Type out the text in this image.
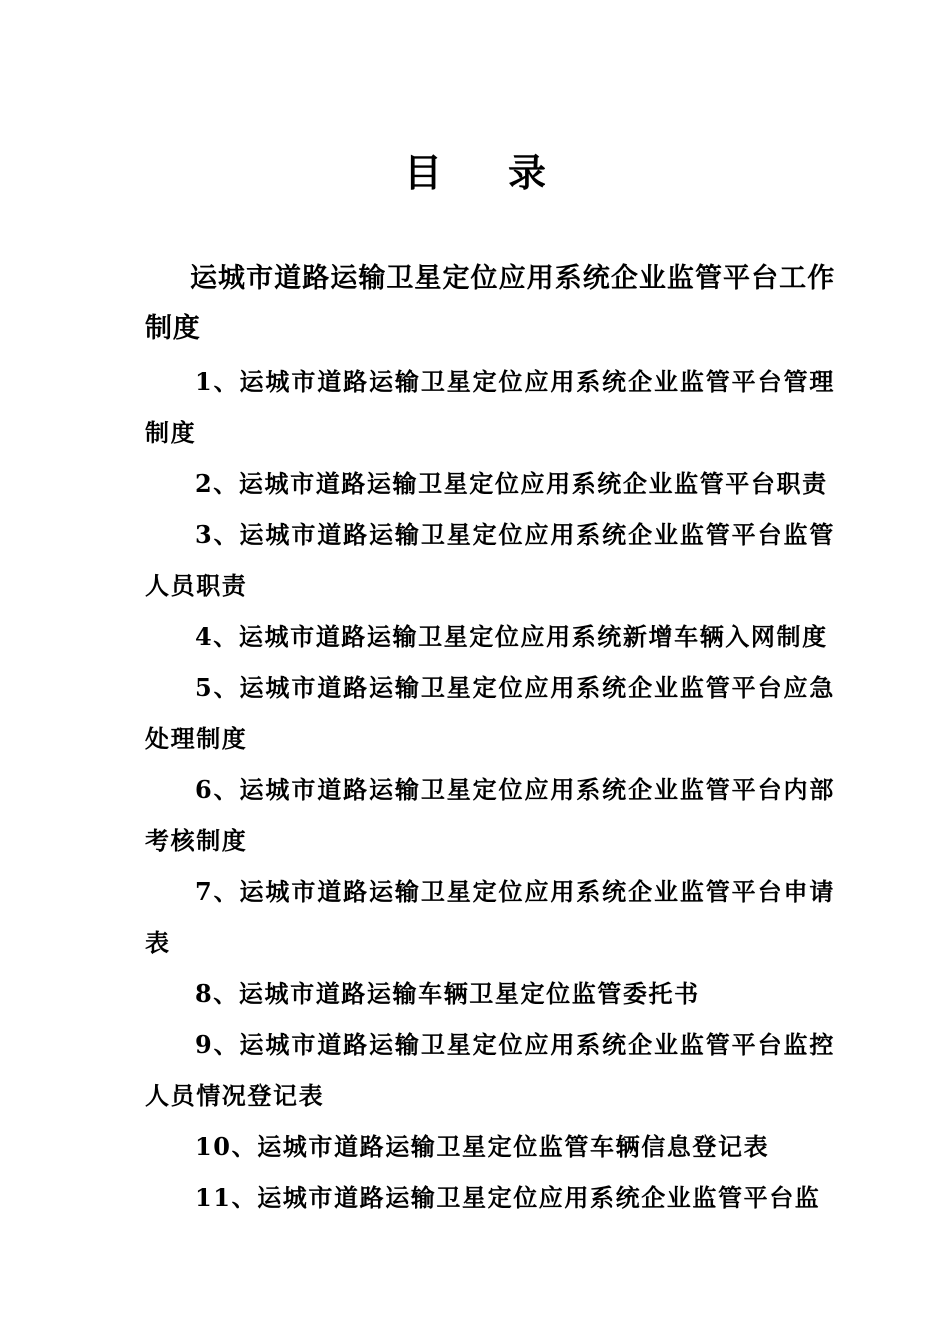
目录
运城市道路运输卫星定位应用系统企业监管平台工作制度
1、运城市道路运输卫星定位应用系统企业监管平台管理制度
2、运城市道路运输卫星定位应用系统企业监管平台职责
3、运城市道路运输卫星定位应用系统企业监管平台监管人员职责
4、运城市道路运输卫星定位应用系统新增车辆入网制度
5、运城市道路运输卫星定位应用系统企业监管平台应急处理制度
6、运城市道路运输卫星定位应用系统企业监管平台内部考核制度
7、运城市道路运输卫星定位应用系统企业监管平台申请表
8、运城市道路运输车辆卫星定位监管委托书
9、运城市道路运输卫星定位应用系统企业监管平台监控人员情况登记表
10、运城市道路运输卫星定位监管车辆信息登记表
11、运城市道路运输卫星定位应用系统企业监管平台监
